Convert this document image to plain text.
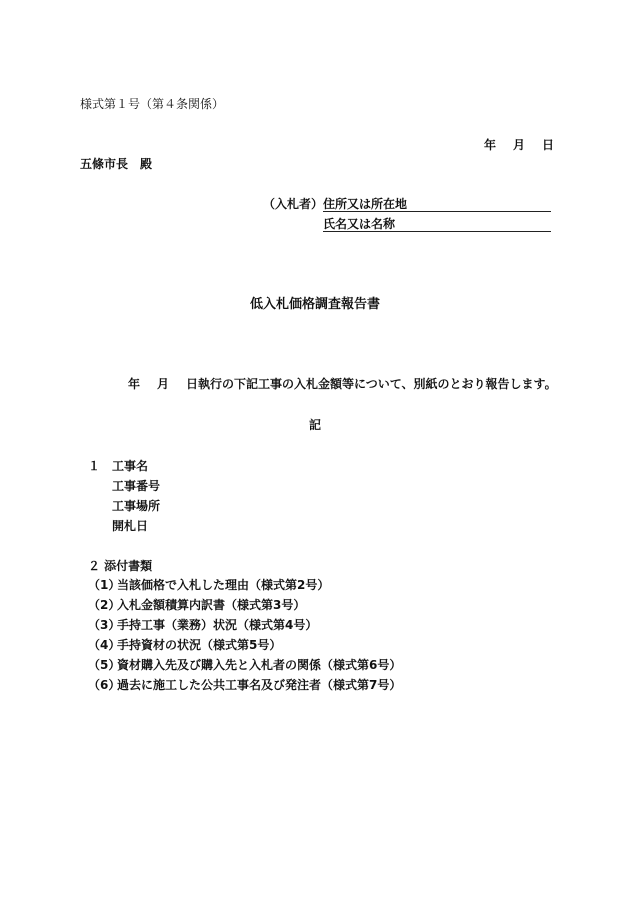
様式第１号（第４条関係）
年 月 日
五條市長　殿
（入札者） 住所又は所在地
氏名又は名称
低入札価格調査報告書
年 月 日執行の下記工事の入札金額等について、別紙のとおり報告します。
記
１ 工事名
工事番号
工事場所
開札日
２ 添付書類
（1）当該価格で入札した理由（様式第2号）
（2）入札金額積算内訳書（様式第3号）
（3）手持工事（業務）状況（様式第4号）
（4）手持資材の状況（様式第5号）
（5）資材購入先及び購入先と入札者の関係（様式第6号）
（6）過去に施工した公共工事名及び発注者（様式第7号）
